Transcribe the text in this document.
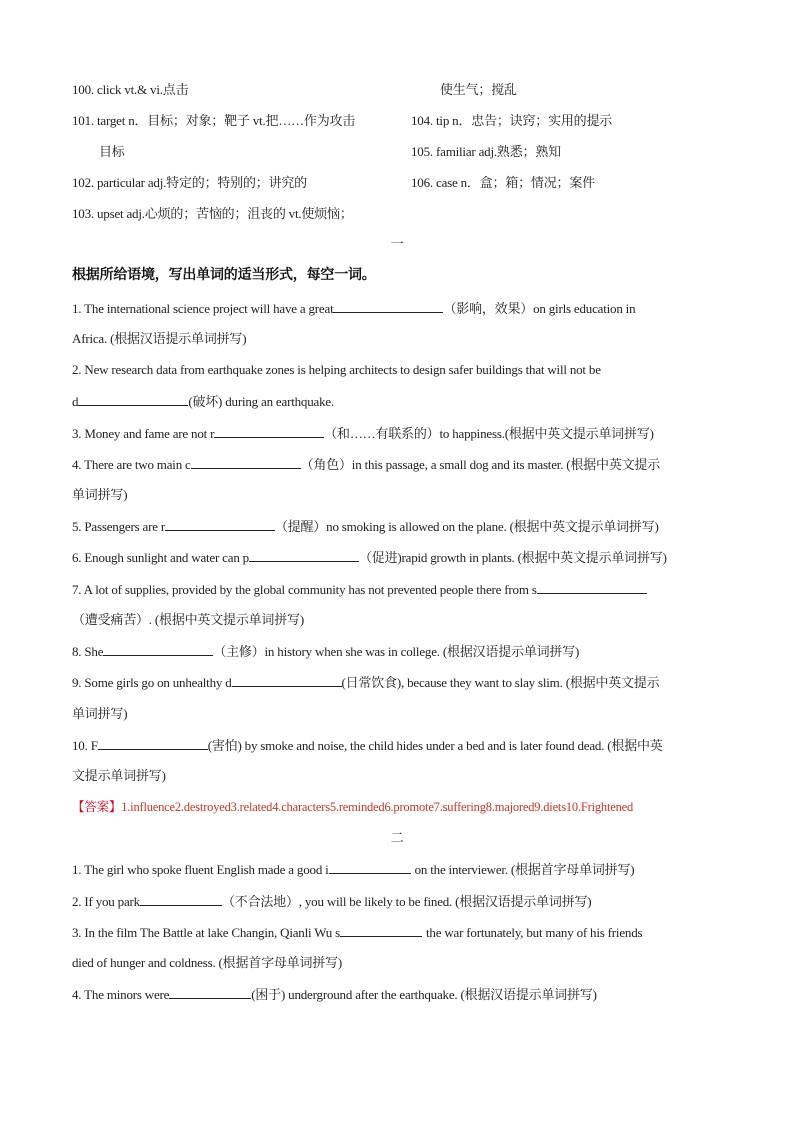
100. click vt.& vi.点击	使生气；搅乱
101. target n．目标；对象；靶子 vt.把……作为攻击	104. tip n．忠告；诀窍；实用的提示
目标	105. familiar adj.熟悉；熟知
102. particular adj.特定的；特别的；讲究的	106. case n．盒；箱；情况；案件
103. upset adj.心烦的；苦恼的；沮丧的 vt.使烦恼；
一
根据所给语境，写出单词的适当形式，每空一词。
1. The international science project will have a great	（影响，效果）on girls education in
Africa. (根据汉语提示单词拼写)
2. New research data from earthquake zones is helping architects to design safer buildings that will not be
d	(破坏) during an earthquake.
3. Money and fame are not r	（和……有联系的）to happiness.(根据中英文提示单词拼写)
4. There are two main c	（角色）in this passage, a small dog and its master. (根据中英文提示
单词拼写)
5. Passengers are r	（提醒）no smoking is allowed on the plane. (根据中英文提示单词拼写)
6. Enough sunlight and water can p	（促进)rapid growth in plants. (根据中英文提示单词拼写)
7. A lot of supplies, provided by the global community has not prevented people there from s
（遭受痛苦）. (根据中英文提示单词拼写)
8. She	（主修）in history when she was in college. (根据汉语提示单词拼写)
9. Some girls go on unhealthy d	(日常饮食), because they want to slay slim. (根据中英文提示
单词拼写)
10. F	(害怕) by smoke and noise, the child hides under a bed and is later found dead. (根据中英
文提示单词拼写)
【答案】1.influence2.destroyed3.related4.characters5.reminded6.promote7.suffering8.majored9.diets10.Frightened
二
1. The girl who spoke fluent English made a good i	on the interviewer. (根据首字母单词拼写)
2. If you park	（不合法地）, you will be likely to be fined. (根据汉语提示单词拼写)
3. In the film The Battle at lake Changin, Qianli Wu s	the war fortunately, but many of his friends
died of hunger and coldness. (根据首字母单词拼写)
4. The minors were	(困于) underground after the earthquake. (根据汉语提示单词拼写)
